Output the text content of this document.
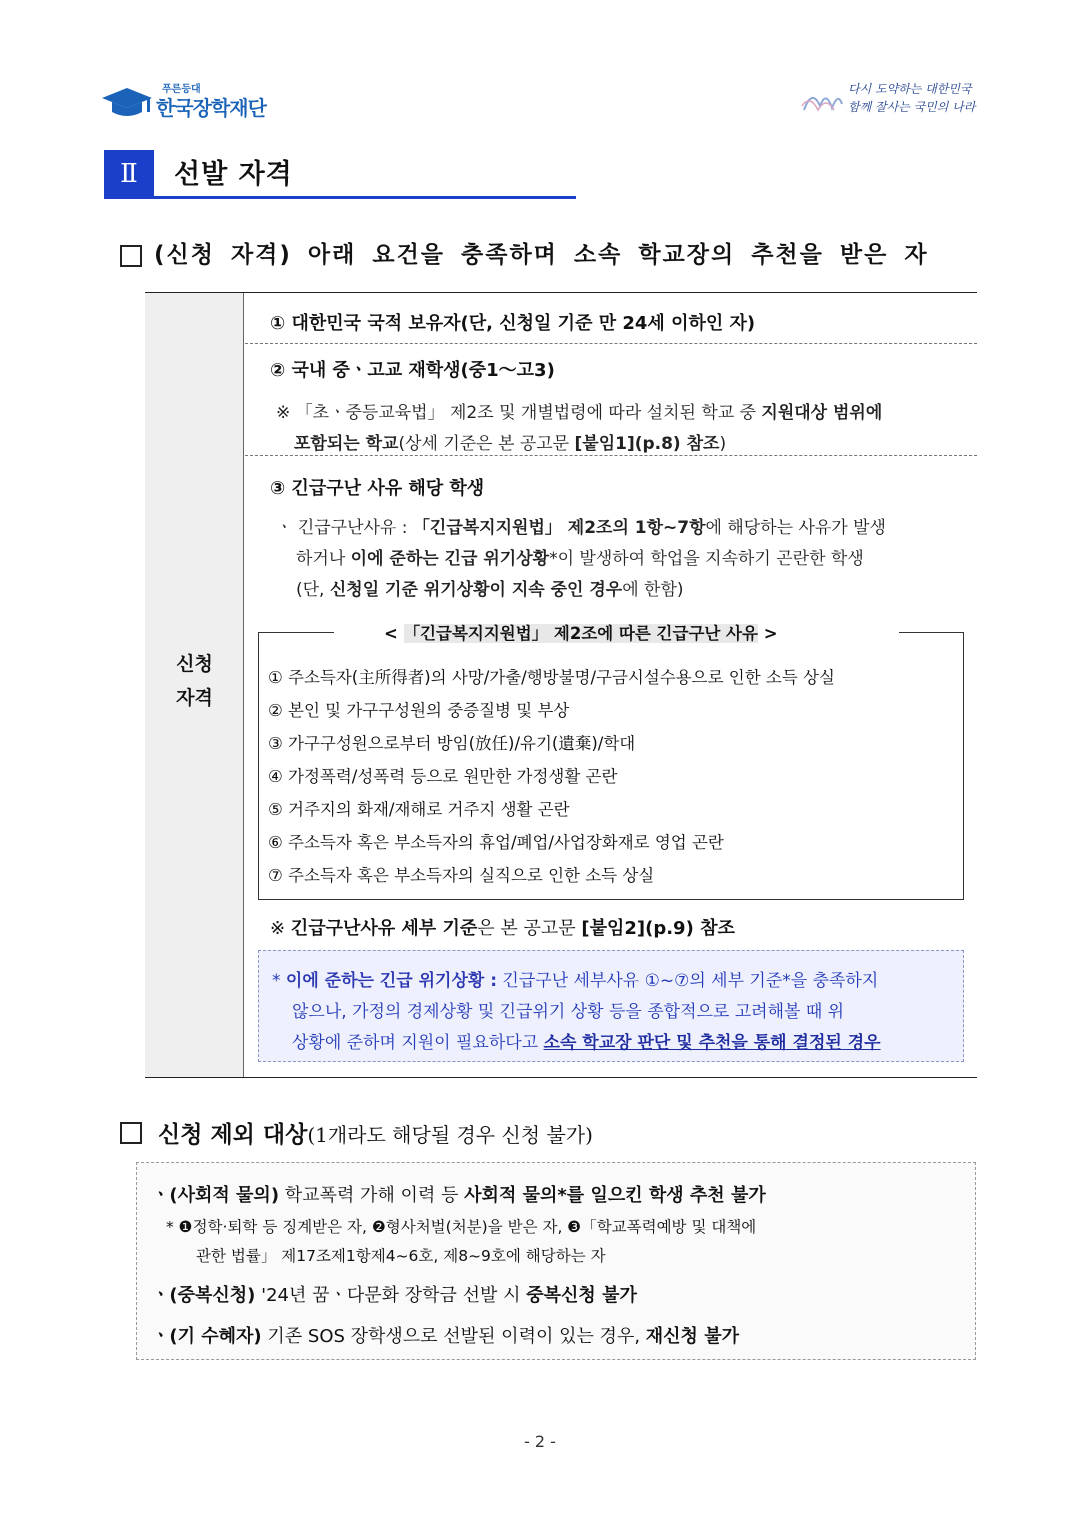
푸른등대
한국장학재단
다시 도약하는 대한민국
함께 잘사는 국민의 나라
Ⅱ	선발 자격
(신청 자격) 아래 요건을 충족하며 소속 학교장의 추천을 받은 자
신청
자격
① 대한민국 국적 보유자(단, 신청일 기준 만 24세 이하인 자)
② 국내 중ㆍ고교 재학생(중1～고3)
※ 「초ㆍ중등교육법」 제2조 및 개별법령에 따라 설치된 학교 중 지원대상 범위에
포함되는 학교(상세 기준은 본 공고문 [붙임1](p.8) 참조)
③ 긴급구난 사유 해당 학생
ㆍ 긴급구난사유 : 「긴급복지지원법」 제2조의 1항~7항에 해당하는 사유가 발생
하거나 이에 준하는 긴급 위기상황*이 발생하여 학업을 지속하기 곤란한 학생
(단, 신청일 기준 위기상황이 지속 중인 경우에 한함)
< 「긴급복지지원법」 제2조에 따른 긴급구난 사유 >
① 주소득자(主所得者)의 사망/가출/행방불명/구금시설수용으로 인한 소득 상실
② 본인 및 가구구성원의 중증질병 및 부상
③ 가구구성원으로부터 방임(放任)/유기(遺棄)/학대
④ 가정폭력/성폭력 등으로 원만한 가정생활 곤란
⑤ 거주지의 화재/재해로 거주지 생활 곤란
⑥ 주소득자 혹은 부소득자의 휴업/폐업/사업장화재로 영업 곤란
⑦ 주소득자 혹은 부소득자의 실직으로 인한 소득 상실
※ 긴급구난사유 세부 기준은 본 공고문 [붙임2](p.9) 참조
* 이에 준하는 긴급 위기상황 : 긴급구난 세부사유 ①~⑦의 세부 기준*을 충족하지
않으나, 가정의 경제상황 및 긴급위기 상황 등을 종합적으로 고려해볼 때 위
상황에 준하며 지원이 필요하다고 소속 학교장 판단 및 추천을 통해 결정된 경우
신청 제외 대상(1개라도 해당될 경우 신청 불가)
ㆍ(사회적 물의) 학교폭력 가해 이력 등 사회적 물의*를 일으킨 학생 추천 불가
* ❶정학·퇴학 등 징계받은 자, ❷형사처벌(처분)을 받은 자, ❸「학교폭력예방 및 대책에
관한 법률」 제17조제1항제4~6호, 제8~9호에 해당하는 자
ㆍ(중복신청) '24년 꿈ㆍ다문화 장학금 선발 시 중복신청 불가
ㆍ(기 수혜자) 기존 SOS 장학생으로 선발된 이력이 있는 경우, 재신청 불가
- 2 -
